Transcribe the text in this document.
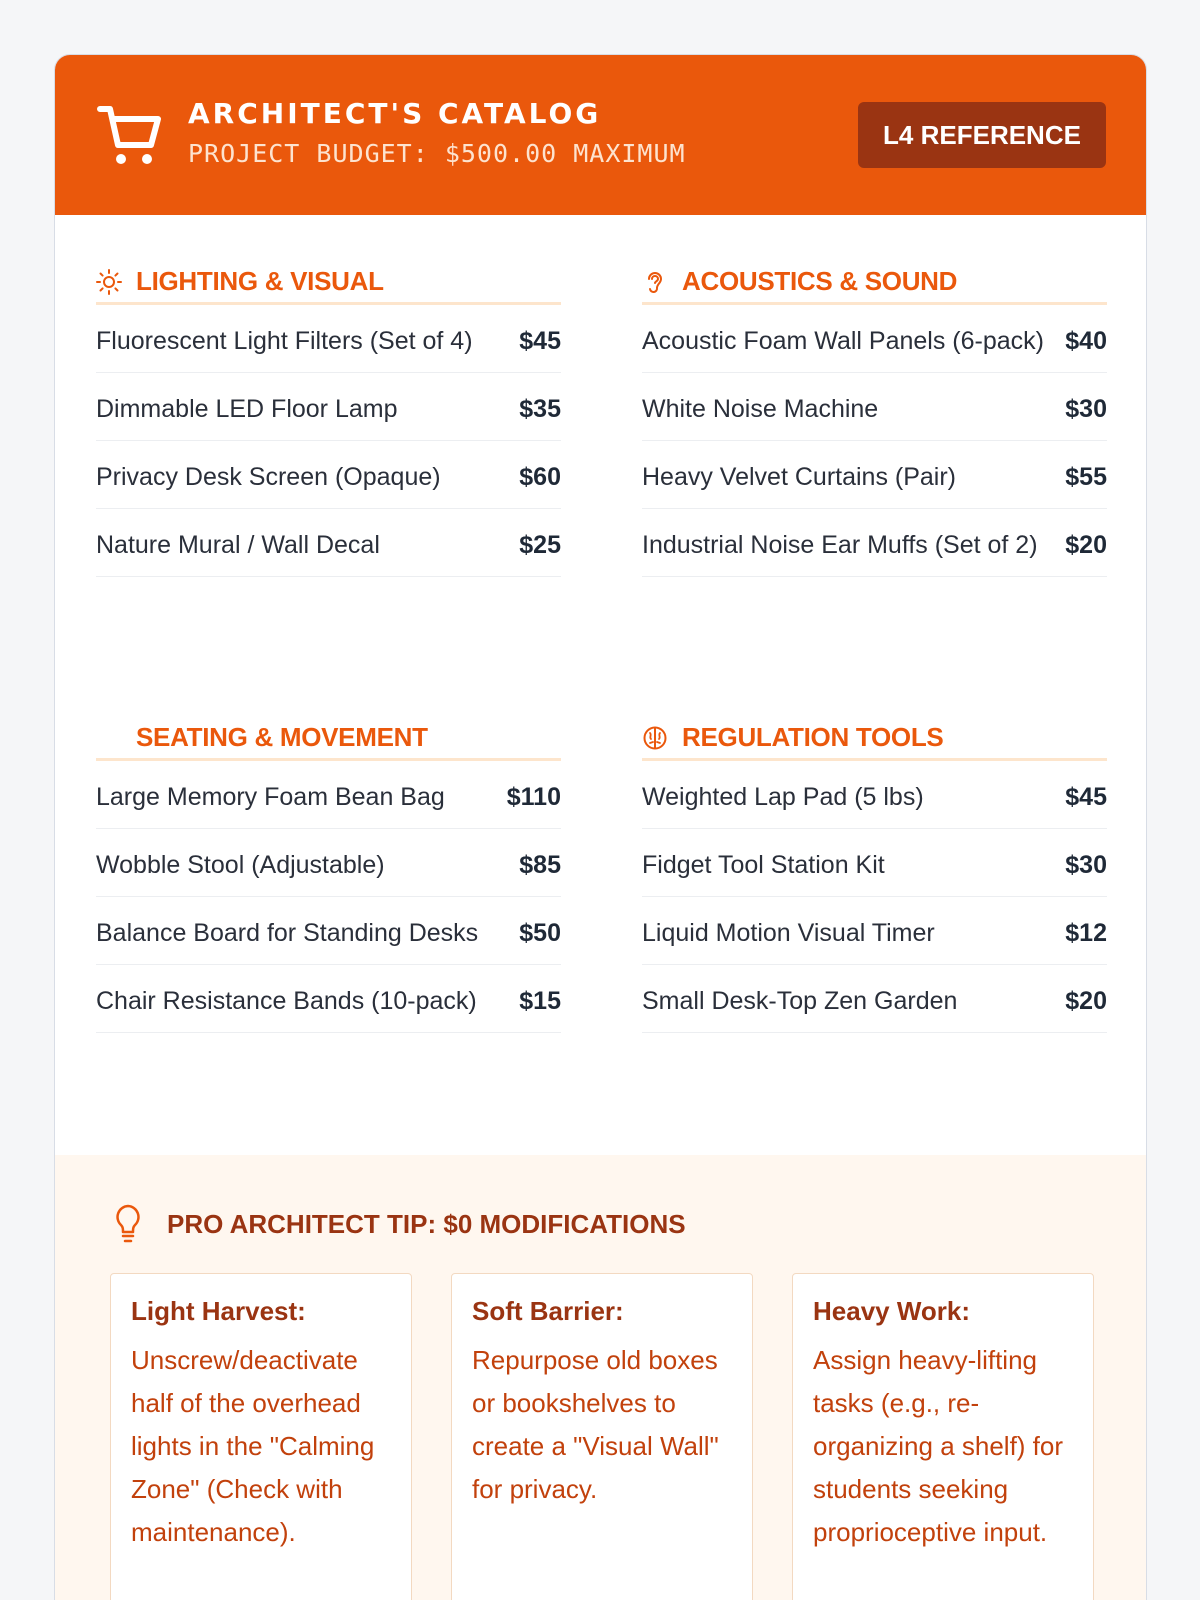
ARCHITECT'S CATALOG
PROJECT BUDGET: $500.00 MAXIMUM
L4 REFERENCE
LIGHTING & VISUAL
Fluorescent Light Filters (Set of 4)	$45
Dimmable LED Floor Lamp	$35
Privacy Desk Screen (Opaque)	$60
Nature Mural / Wall Decal	$25
ACOUSTICS & SOUND
Acoustic Foam Wall Panels (6-pack) $40
White Noise Machine	$30
Heavy Velvet Curtains (Pair)	$55
Industrial Noise Ear Muffs (Set of 2)	$20
SEATING & MOVEMENT
Large Memory Foam Bean Bag	$110
Wobble Stool (Adjustable)	$85
Balance Board for Standing Desks	$50
Chair Resistance Bands (10-pack)	$15
REGULATION TOOLS
Weighted Lap Pad (5 lbs)	$45
Fidget Tool Station Kit	$30
Liquid Motion Visual Timer	$12
Small Desk-Top Zen Garden	$20
PRO ARCHITECT TIP: $0 MODIFICATIONS
Light Harvest:
Unscrew/deactivate half of the overhead lights in the "Calming Zone" (Check with maintenance).
Soft Barrier:
Repurpose old boxes or bookshelves to create a "Visual Wall" for privacy.
Heavy Work:
Assign heavy-lifting tasks (e.g., re-organizing a shelf) for students seeking proprioceptive input.
